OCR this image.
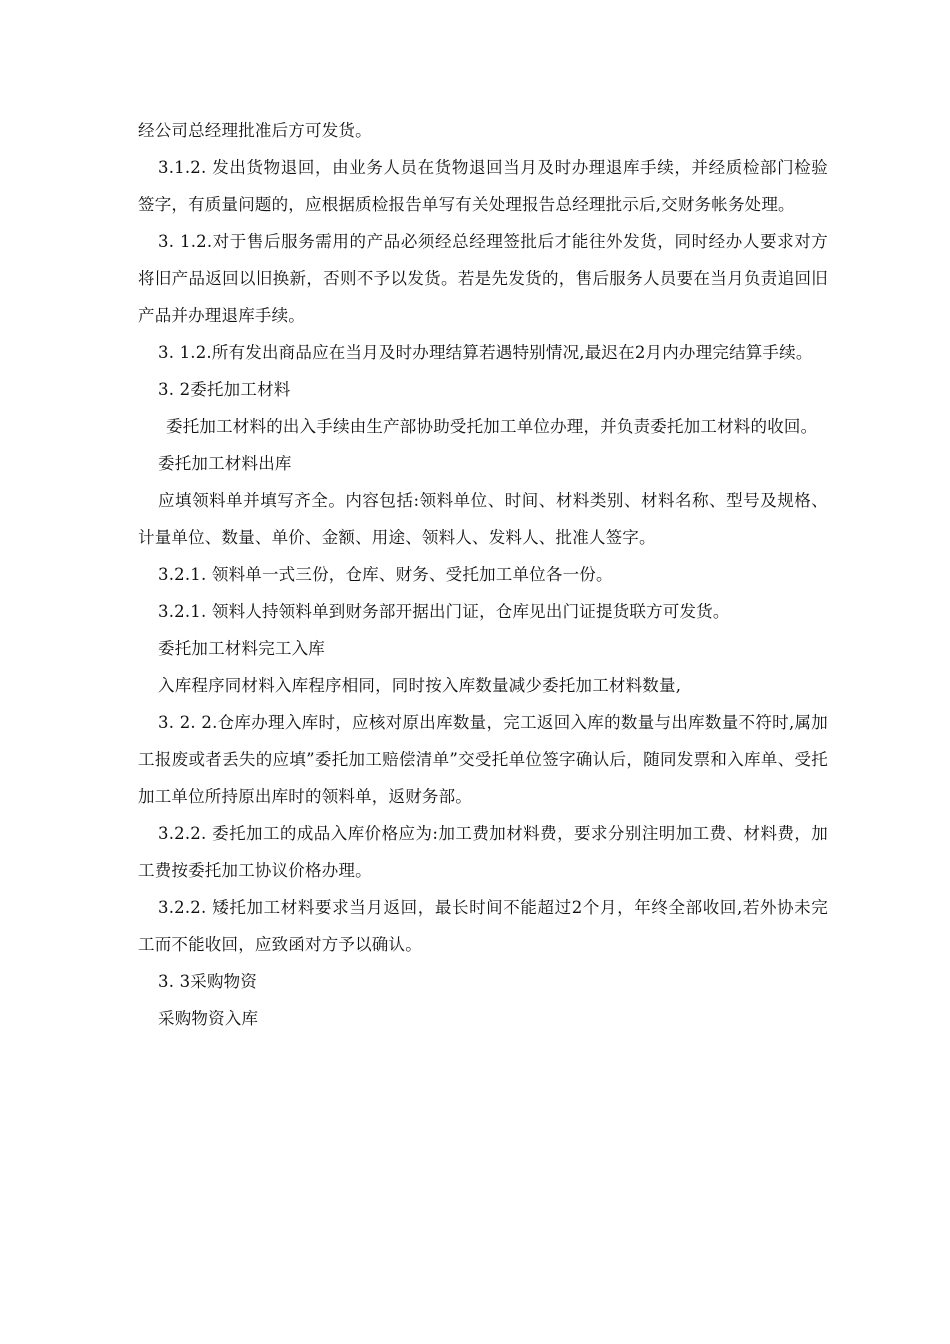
经公司总经理批准后方可发货。

3.1.2. 发出货物退回，由业务人员在货物退回当月及时办理退库手续，并经质检部门检验签字，有质量问题的，应根据质检报告单写有关处理报告总经理批示后,交财务帐务处理。

3. 1.2.对于售后服务需用的产品必须经总经理签批后才能往外发货，同时经办人要求对方将旧产品返回以旧换新，否则不予以发货。若是先发货的，售后服务人员要在当月负责追回旧产品并办理退库手续。

3. 1.2.所有发出商品应在当月及时办理结算若遇特别情况,最迟在2月内办理完结算手续。

3. 2委托加工材料

委托加工材料的出入手续由生产部协助受托加工单位办理，并负责委托加工材料的收回。

委托加工材料出库

应填领料单并填写齐全。内容包括:领料单位、时间、材料类别、材料名称、型号及规格、计量单位、数量、单价、金额、用途、领料人、发料人、批准人签字。

3.2.1. 领料单一式三份，仓库、财务、受托加工单位各一份。

3.2.1. 领料人持领料单到财务部开据出门证，仓库见出门证提货联方可发货。

委托加工材料完工入库

入库程序同材料入库程序相同，同时按入库数量减少委托加工材料数量,

3. 2. 2.仓库办理入库时，应核对原出库数量，完工返回入库的数量与出库数量不符时,属加工报废或者丢失的应填”委托加工赔偿清单”交受托单位签字确认后，随同发票和入库单、受托加工单位所持原出库时的领料单，返财务部。

3.2.2. 委托加工的成品入库价格应为:加工费加材料费，要求分别注明加工费、材料费，加工费按委托加工协议价格办理。

3.2.2. 矮托加工材料要求当月返回，最长时间不能超过2个月，年终全部收回,若外协未完工而不能收回，应致函对方予以确认。

3. 3采购物资

采购物资入库
